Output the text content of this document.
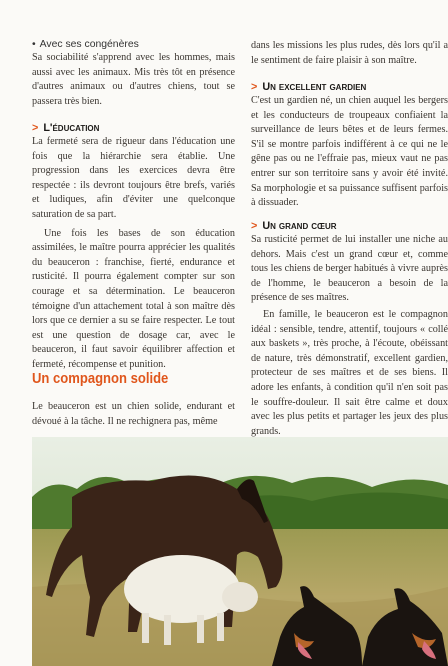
• Avec ses congénères

Sa sociabilité s'apprend avec les hommes, mais aussi avec les animaux. Mis très tôt en présence d'autres animaux ou d'autres chiens, tout se passera très bien.

> L'éducation

La fermeté sera de rigueur dans l'éducation une fois que la hiérarchie sera établie. Une progression dans les exercices devra être respectée : ils devront toujours être brefs, variés et ludiques, afin d'éviter une quelconque saturation de sa part.

Une fois les bases de son éducation assimilées, le maître pourra apprécier les qualités du beauceron : franchise, fierté, endurance et rusticité. Il pourra également compter sur son courage et sa détermination. Le beauceron témoigne d'un attachement total à son maître dès lors que ce dernier a su se faire respecter. Le tout est une question de dosage car, avec le beauceron, il faut savoir équilibrer affection et fermeté, récompense et punition.

Un compagnon solide

Le beauceron est un chien solide, endurant et dévoué à la tâche. Il ne rechignera pas, même

dans les missions les plus rudes, dès lors qu'il a le sentiment de faire plaisir à son maître.

> Un excellent gardien

C'est un gardien né, un chien auquel les bergers et les conducteurs de troupeaux confiaient la surveillance de leurs bêtes et de leurs fermes. S'il se montre parfois indifférent à ce qui ne le gêne pas ou ne l'effraie pas, mieux vaut ne pas entrer sur son territoire sans y avoir été invité. Sa morphologie et sa puissance suffisent parfois à dissuader.

> Un grand cœur

Sa rusticité permet de lui installer une niche au dehors. Mais c'est un grand cœur et, comme tous les chiens de berger habitués à vivre auprès de l'homme, le beauceron a besoin de la présence de ses maîtres.

En famille, le beauceron est le compagnon idéal : sensible, tendre, attentif, toujours « collé aux baskets », très proche, à l'écoute, obéissant de nature, très démonstratif, excellent gardien, protecteur de ses maîtres et de ses biens. Il adore les enfants, à condition qu'il n'en soit pas le souffre-douleur. Il sait être calme et doux avec les plus petits et partager les jeux des plus grands.
